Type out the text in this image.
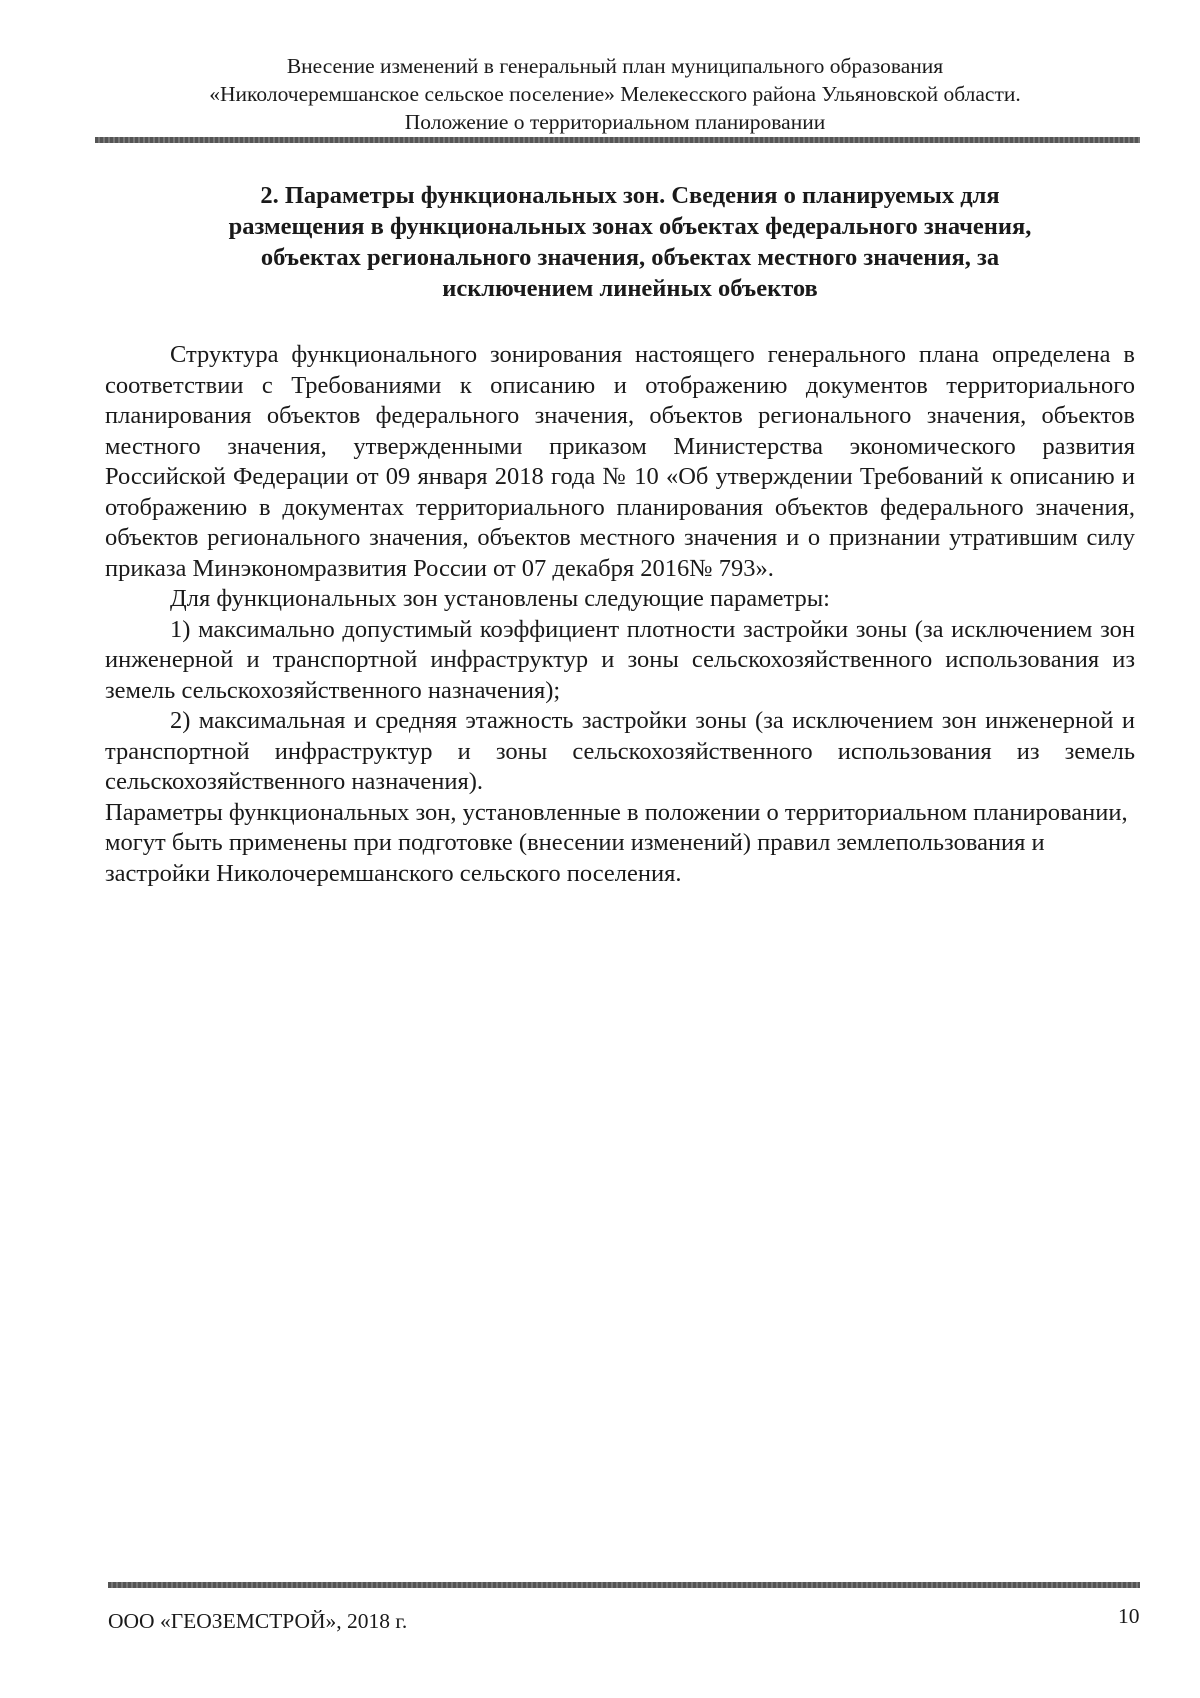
Внесение изменений в генеральный план муниципального образования
«Николочеремшанское сельское поселение» Мелекесского района Ульяновской области.
Положение о территориальном планировании
2. Параметры функциональных зон. Сведения о планируемых для
размещения в функциональных зонах объектах федерального значения,
объектах регионального значения, объектах местного значения, за
исключением линейных объектов

Структура функционального зонирования настоящего генерального плана определена в соответствии с Требованиями к описанию и отображению документов территориального планирования объектов федерального значения, объектов регионального значения, объектов местного значения, утвержденными приказом Министерства экономического развития Российской Федерации от 09 января 2018 года № 10 «Об утверждении Требований к описанию и отображению в документах территориального планирования объектов федерального значения, объектов регионального значения, объектов местного значения и о признании утратившим силу приказа Минэкономразвития России от 07 декабря 2016№ 793».

Для функциональных зон установлены следующие параметры:

1) максимально допустимый коэффициент плотности застройки зоны (за исключением зон инженерной и транспортной инфраструктур и зоны сельскохозяйственного использования из земель сельскохозяйственного назначения);

2) максимальная и средняя этажность застройки зоны (за исключением зон инженерной и транспортной инфраструктур и зоны сельскохозяйственного использования из земель сельскохозяйственного назначения).

Параметры функциональных зон, установленные в положении о территориальном планировании, могут быть применены при подготовке (внесении изменений) правил землепользования и застройки Николочеремшанского сельского поселения.

ООО «ГЕОЗЕМСТРОЙ», 2018 г.	10
